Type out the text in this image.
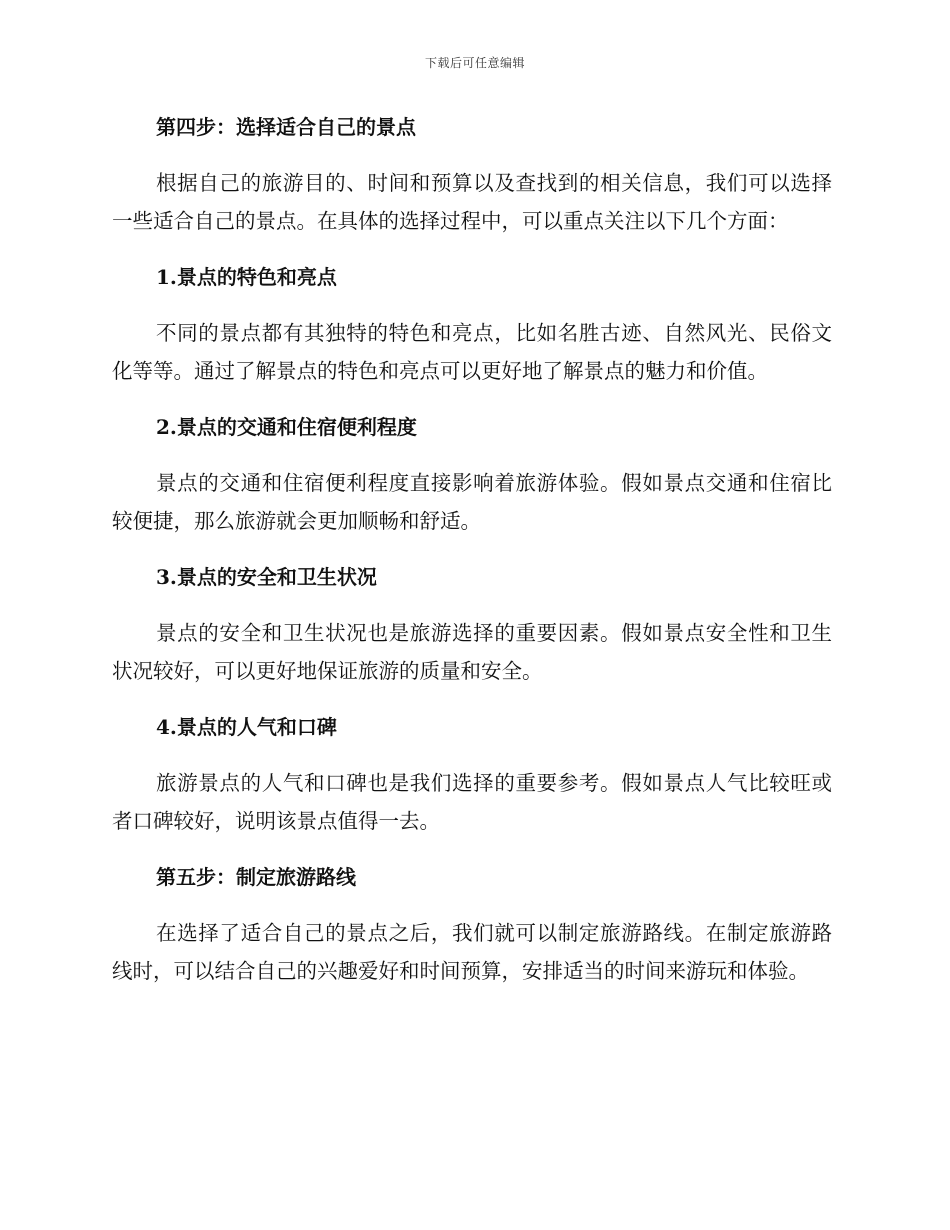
下载后可任意编辑
第四步：选择适合自己的景点

根据自己的旅游目的、时间和预算以及查找到的相关信息，我们可以选择一些适合自己的景点。在具体的选择过程中，可以重点关注以下几个方面：

1.景点的特色和亮点

不同的景点都有其独特的特色和亮点，比如名胜古迹、自然风光、民俗文化等等。通过了解景点的特色和亮点可以更好地了解景点的魅力和价值。

2.景点的交通和住宿便利程度

景点的交通和住宿便利程度直接影响着旅游体验。假如景点交通和住宿比较便捷，那么旅游就会更加顺畅和舒适。

3.景点的安全和卫生状况

景点的安全和卫生状况也是旅游选择的重要因素。假如景点安全性和卫生状况较好，可以更好地保证旅游的质量和安全。

4.景点的人气和口碑

旅游景点的人气和口碑也是我们选择的重要参考。假如景点人气比较旺或者口碑较好，说明该景点值得一去。

第五步：制定旅游路线

在选择了适合自己的景点之后，我们就可以制定旅游路线。在制定旅游路线时，可以结合自己的兴趣爱好和时间预算，安排适当的时间来游玩和体验。
